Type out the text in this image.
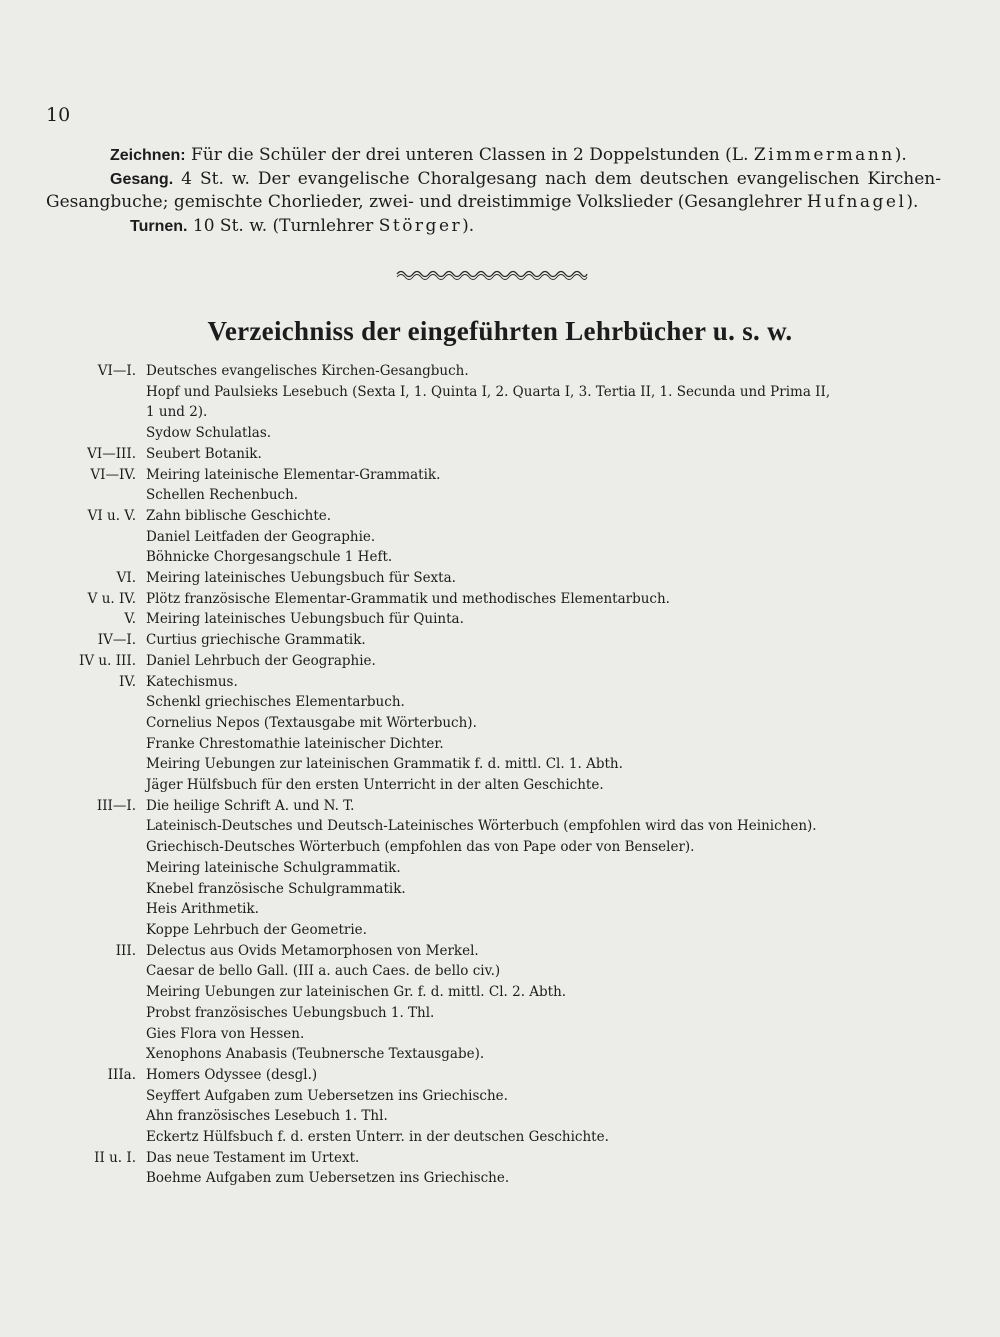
10

Zeichnen: Für die Schüler der drei unteren Classen in 2 Doppelstunden (L. Zimmermann).

Gesang. 4 St. w. Der evangelische Choralgesang nach dem deutschen evangelischen Kirchen-Gesangbuche; gemischte Chorlieder, zwei- und dreistimmige Volkslieder (Gesanglehrer Hufnagel).

Turnen. 10 St. w. (Turnlehrer Störger).

Verzeichniss der eingeführten Lehrbücher u. s. w.
VI—I. Deutsches evangelisches Kirchen-Gesangbuch.
Hopf und Paulsieks Lesebuch (Sexta I, 1. Quinta I, 2. Quarta I, 3. Tertia II, 1. Secunda und Prima II,
1 und 2).
Sydow Schulatlas.
VI—III. Seubert Botanik.
VI—IV. Meiring lateinische Elementar-Grammatik.
Schellen Rechenbuch.
VI u. V. Zahn biblische Geschichte.
Daniel Leitfaden der Geographie.
Böhnicke Chorgesangschule 1 Heft.
VI. Meiring lateinisches Uebungsbuch für Sexta.
V u. IV. Plötz französische Elementar-Grammatik und methodisches Elementarbuch.
V. Meiring lateinisches Uebungsbuch für Quinta.
IV—I. Curtius griechische Grammatik.
IV u. III. Daniel Lehrbuch der Geographie.
IV. Katechismus.
Schenkl griechisches Elementarbuch.
Cornelius Nepos (Textausgabe mit Wörterbuch).
Franke Chrestomathie lateinischer Dichter.
Meiring Uebungen zur lateinischen Grammatik f. d. mittl. Cl. 1. Abth.
Jäger Hülfsbuch für den ersten Unterricht in der alten Geschichte.
III—I. Die heilige Schrift A. und N. T.
Lateinisch-Deutsches und Deutsch-Lateinisches Wörterbuch (empfohlen wird das von Heinichen).
Griechisch-Deutsches Wörterbuch (empfohlen das von Pape oder von Benseler).
Meiring lateinische Schulgrammatik.
Knebel französische Schulgrammatik.
Heis Arithmetik.
Koppe Lehrbuch der Geometrie.
III. Delectus aus Ovids Metamorphosen von Merkel.
Caesar de bello Gall. (III a. auch Caes. de bello civ.)
Meiring Uebungen zur lateinischen Gr. f. d. mittl. Cl. 2. Abth.
Probst französisches Uebungsbuch 1. Thl.
Gies Flora von Hessen.
Xenophons Anabasis (Teubnersche Textausgabe).
IIIa. Homers Odyssee (desgl.)
Seyffert Aufgaben zum Uebersetzen ins Griechische.
Ahn französisches Lesebuch 1. Thl.
Eckertz Hülfsbuch f. d. ersten Unterr. in der deutschen Geschichte.
II u. I. Das neue Testament im Urtext.
Boehme Aufgaben zum Uebersetzen ins Griechische.
